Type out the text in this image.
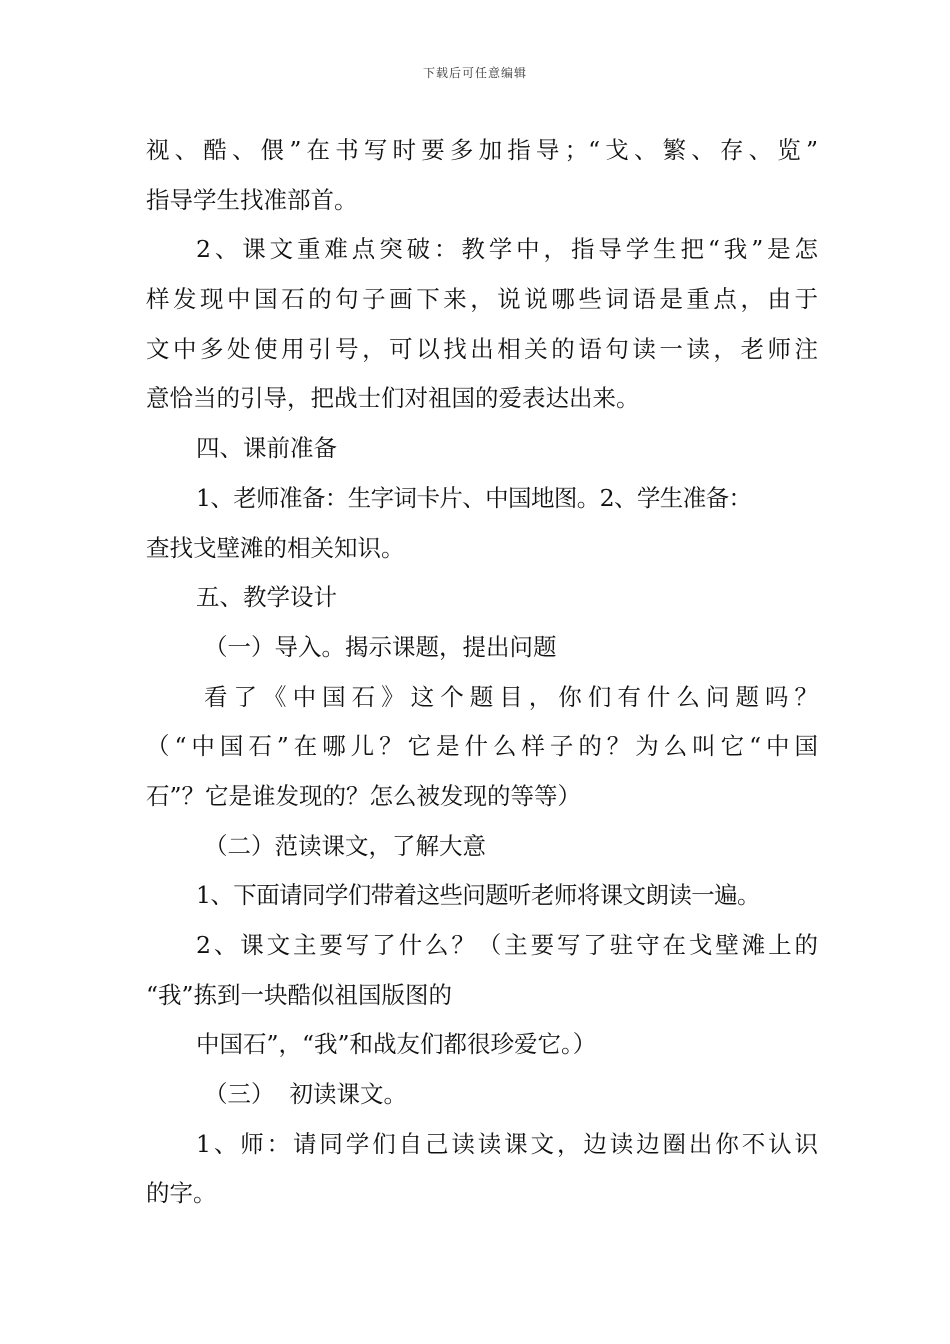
下载后可任意编辑
视、酷、偎”在书写时要多加指导；“戈、繁、存、览”
指导学生找准部首。
2、课文重难点突破：教学中，指导学生把“我”是怎
样发现中国石的句子画下来，说说哪些词语是重点，由于
文中多处使用引号，可以找出相关的语句读一读，老师注
意恰当的引导，把战士们对祖国的爱表达出来。
四、课前准备
1、老师准备：生字词卡片、中国地图。2、学生准备：
查找戈壁滩的相关知识。
五、教学设计
（一）导入。揭示课题，提出问题
看了《中国石》这个题目，你们有什么问题吗？
（“中国石”在哪儿？它是什么样子的？为么叫它“中国
石”？它是谁发现的？怎么被发现的等等）
（二）范读课文，了解大意
1、下面请同学们带着这些问题听老师将课文朗读一遍。
2、课文主要写了什么？（主要写了驻守在戈壁滩上的
“我”拣到一块酷似祖国版图的
中国石”，“我”和战友们都很珍爱它。）
（三）  初读课文。
1、师：请同学们自己读读课文，边读边圈出你不认识
的字。
